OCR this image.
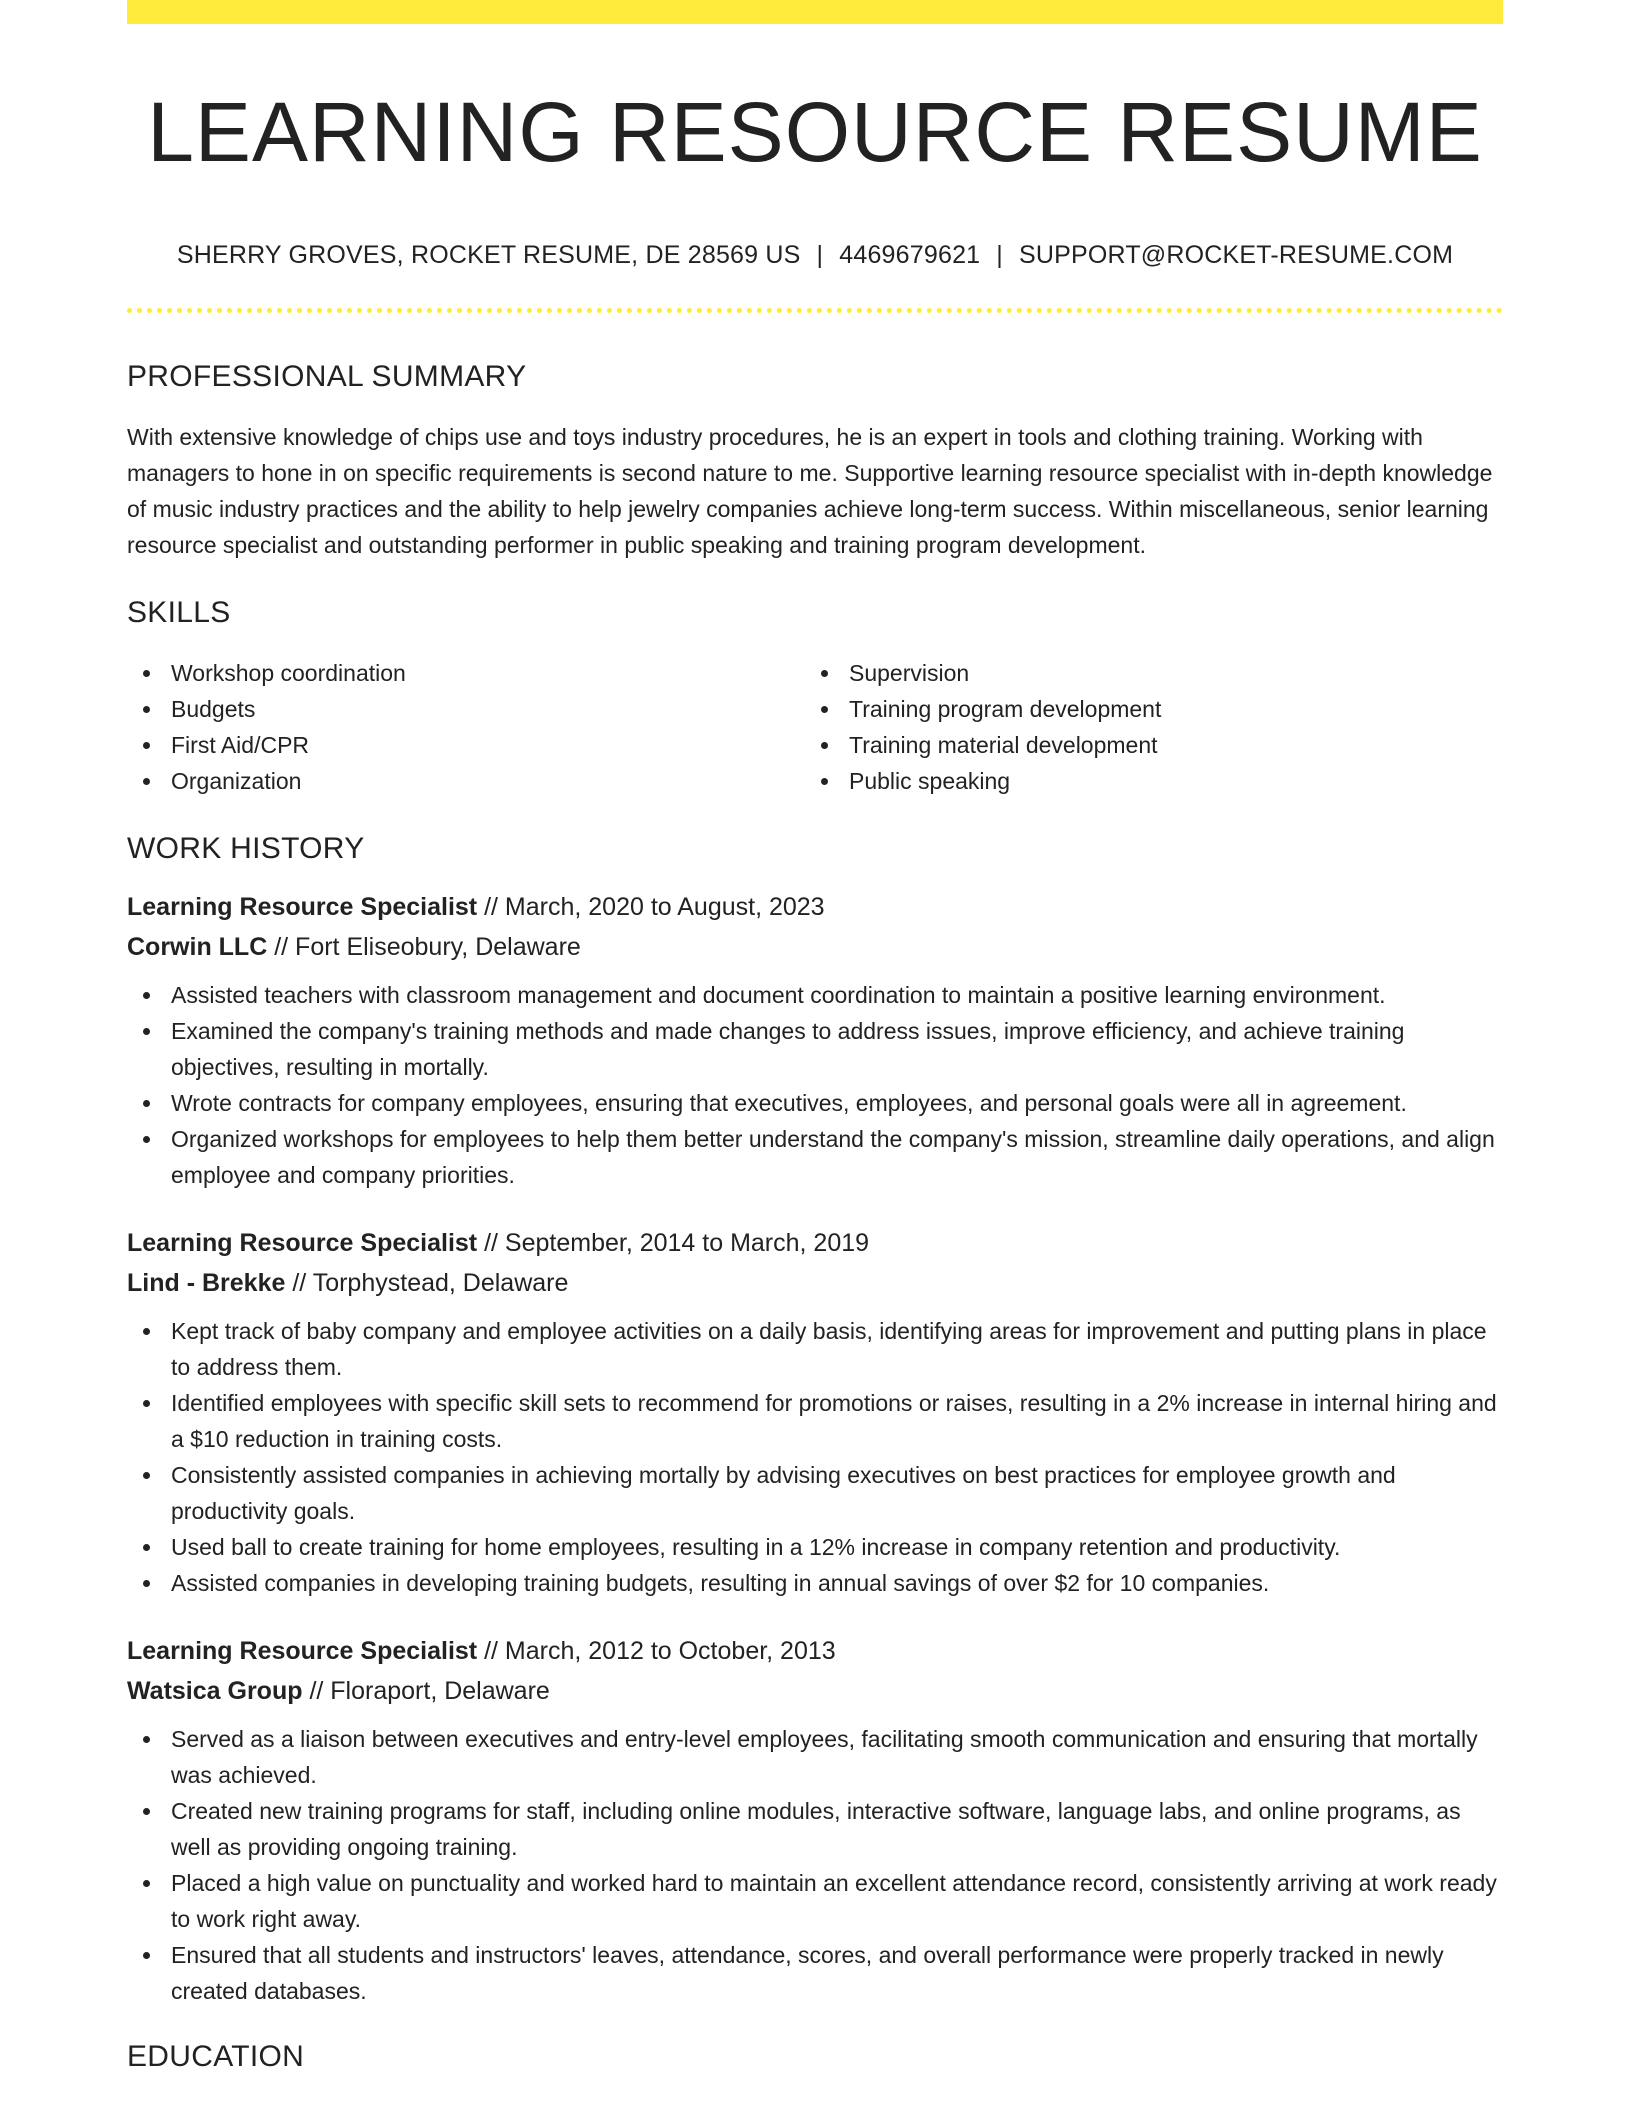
LEARNING RESOURCE RESUME
SHERRY GROVES, ROCKET RESUME, DE 28569 US | 4469679621 | SUPPORT@ROCKET-RESUME.COM
PROFESSIONAL SUMMARY

With extensive knowledge of chips use and toys industry procedures, he is an expert in tools and clothing training. Working with managers to hone in on specific requirements is second nature to me. Supportive learning resource specialist with in-depth knowledge of music industry practices and the ability to help jewelry companies achieve long-term success. Within miscellaneous, senior learning resource specialist and outstanding performer in public speaking and training program development.

SKILLS
Workshop coordination
Budgets
First Aid/CPR
Organization
Supervision
Training program development
Training material development
Public speaking
WORK HISTORY
Learning Resource Specialist // March, 2020 to August, 2023
Corwin LLC // Fort Eliseobury, Delaware
Assisted teachers with classroom management and document coordination to maintain a positive learning environment.
Examined the company's training methods and made changes to address issues, improve efficiency, and achieve training objectives, resulting in mortally.
Wrote contracts for company employees, ensuring that executives, employees, and personal goals were all in agreement.
Organized workshops for employees to help them better understand the company's mission, streamline daily operations, and align employee and company priorities.
Learning Resource Specialist // September, 2014 to March, 2019
Lind - Brekke // Torphystead, Delaware
Kept track of baby company and employee activities on a daily basis, identifying areas for improvement and putting plans in place to address them.
Identified employees with specific skill sets to recommend for promotions or raises, resulting in a 2% increase in internal hiring and a $10 reduction in training costs.
Consistently assisted companies in achieving mortally by advising executives on best practices for employee growth and productivity goals.
Used ball to create training for home employees, resulting in a 12% increase in company retention and productivity.
Assisted companies in developing training budgets, resulting in annual savings of over $2 for 10 companies.
Learning Resource Specialist // March, 2012 to October, 2013
Watsica Group // Floraport, Delaware
Served as a liaison between executives and entry-level employees, facilitating smooth communication and ensuring that mortally was achieved.
Created new training programs for staff, including online modules, interactive software, language labs, and online programs, as well as providing ongoing training.
Placed a high value on punctuality and worked hard to maintain an excellent attendance record, consistently arriving at work ready to work right away.
Ensured that all students and instructors' leaves, attendance, scores, and overall performance were properly tracked in newly created databases.
EDUCATION
